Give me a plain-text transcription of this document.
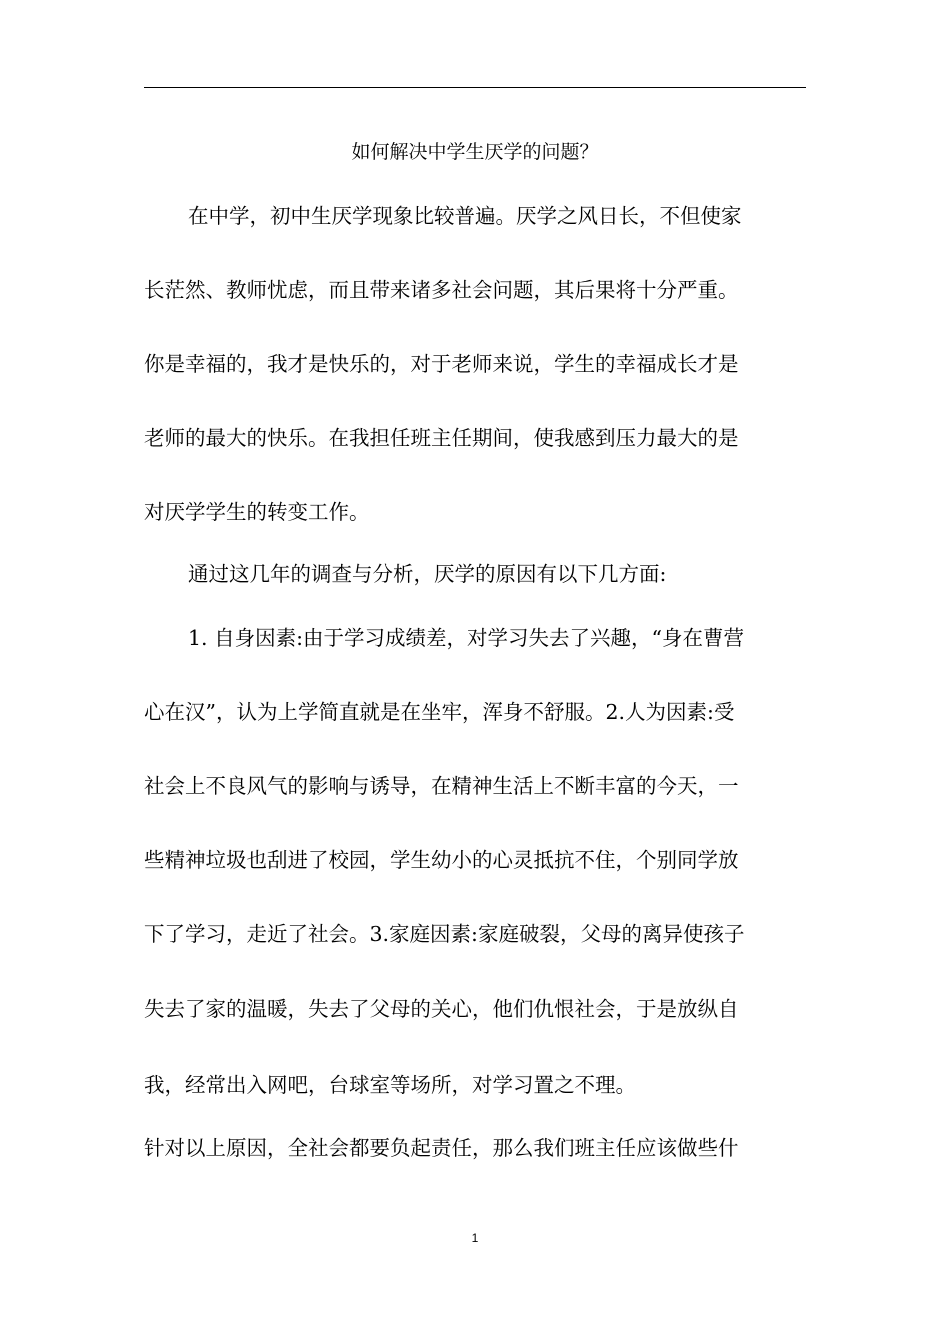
如何解决中学生厌学的问题？
在中学，初中生厌学现象比较普遍。厌学之风日长，不但使家
长茫然、教师忧虑，而且带来诸多社会问题，其后果将十分严重。
你是幸福的，我才是快乐的，对于老师来说，学生的幸福成长才是
老师的最大的快乐。在我担任班主任期间，使我感到压力最大的是
对厌学学生的转变工作。
通过这几年的调查与分析，厌学的原因有以下几方面:
1. 自身因素:由于学习成绩差，对学习失去了兴趣，“身在曹营
心在汉”，认为上学简直就是在坐牢，浑身不舒服。2.人为因素:受
社会上不良风气的影响与诱导，在精神生活上不断丰富的今天，一
些精神垃圾也刮进了校园，学生幼小的心灵抵抗不住，个别同学放
下了学习，走近了社会。3.家庭因素:家庭破裂，父母的离异使孩子
失去了家的温暖，失去了父母的关心，他们仇恨社会，于是放纵自
我，经常出入网吧，台球室等场所，对学习置之不理。
针对以上原因，全社会都要负起责任，那么我们班主任应该做些什
1
